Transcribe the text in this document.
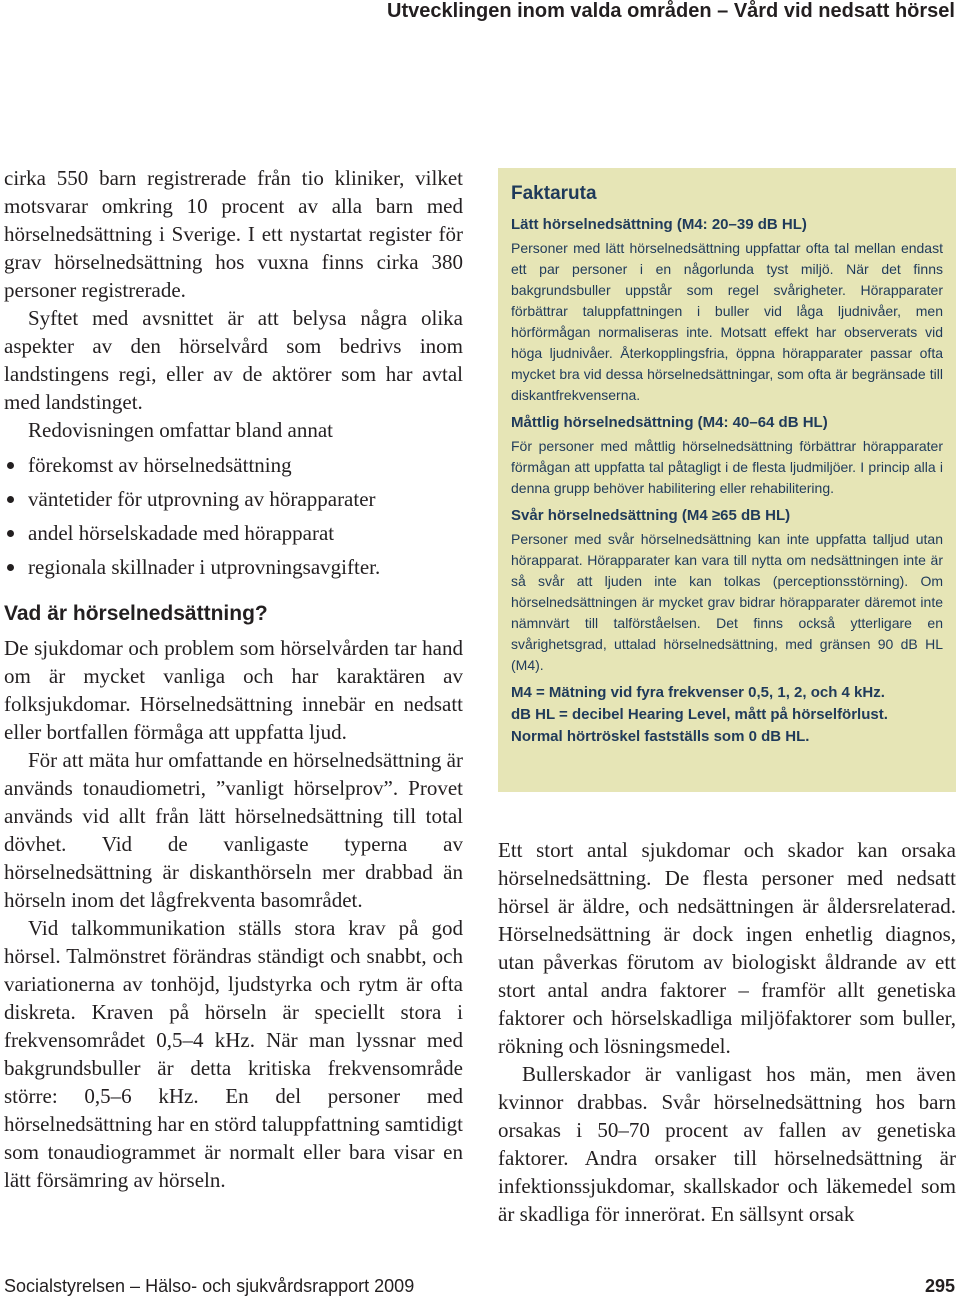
Utvecklingen inom valda områden – Vård vid nedsatt hörsel

cirka 550 barn registrerade från tio kliniker, vilket motsvarar omkring 10 procent av alla barn med hörselnedsättning i Sverige. I ett nystartat register för grav hörselnedsättning hos vuxna finns cirka 380 personer registrerade.

Syftet med avsnittet är att belysa några olika aspekter av den hörselvård som bedrivs inom landstingens regi, eller av de aktörer som har avtal med landstinget.

Redovisningen omfattar bland annat

förekomst av hörselnedsättning
väntetider för utprovning av hörapparater
andel hörselskadade med hörapparat
regionala skillnader i utprovningsavgifter.
Vad är hörselnedsättning?

De sjukdomar och problem som hörselvården tar hand om är mycket vanliga och har karaktären av folksjukdomar. Hörselnedsättning innebär en nedsatt eller bortfallen förmåga att uppfatta ljud.

För att mäta hur omfattande en hörselnedsättning är används tonaudiometri, ”vanligt hörselprov”. Provet används vid allt från lätt hörselnedsättning till total dövhet. Vid de vanligaste typerna av hörselnedsättning är diskanthörseln mer drabbad än hörseln inom det lågfrekventa basområdet.

Vid talkommunikation ställs stora krav på god hörsel. Talmönstret förändras ständigt och snabbt, och variationerna av tonhöjd, ljudstyrka och rytm är ofta diskreta. Kraven på hörseln är speciellt stora i frekvensområdet 0,5–4 kHz. När man lyssnar med bakgrundsbuller är detta kritiska frekvensområde större: 0,5–6 kHz. En del personer med hörselnedsättning har en störd taluppfattning samtidigt som tonaudiogrammet är normalt eller bara visar en lätt försämring av hörseln.

Faktaruta
Lätt hörselnedsättning (M4: 20–39 dB HL)
Personer med lätt hörselnedsättning uppfattar ofta tal mellan endast ett par personer i en någorlunda tyst miljö. När det finns bakgrundsbuller uppstår som regel svårigheter. Hörapparater förbättrar taluppfattningen i buller vid låga ljudnivåer, men hörförmågan normaliseras inte. Motsatt effekt har observerats vid höga ljudnivåer. Återkopplingsfria, öppna hörapparater passar ofta mycket bra vid dessa hörselnedsättningar, som ofta är begränsade till diskantfrekvenserna.
Måttlig hörselnedsättning (M4: 40–64 dB HL)
För personer med måttlig hörselnedsättning förbättrar hörapparater förmågan att uppfatta tal påtagligt i de flesta ljudmiljöer. I princip alla i denna grupp behöver habilitering eller rehabilitering.
Svår hörselnedsättning (M4 ≥65 dB HL)
Personer med svår hörselnedsättning kan inte uppfatta talljud utan hörapparat. Hörapparater kan vara till nytta om nedsättningen inte är så svår att ljuden inte kan tolkas (perceptionsstörning). Om hörselnedsättningen är mycket grav bidrar hörapparater däremot inte nämnvärt till talförståelsen. Det finns också ytterligare en svårighetsgrad, uttalad hörselnedsättning, med gränsen 90 dB HL (M4).
M4 = Mätning vid fyra frekvenser 0,5, 1, 2, och 4 kHz.
dB HL = decibel Hearing Level, mått på hörselförlust.
Normal hörtröskel fastställs som 0 dB HL.

Ett stort antal sjukdomar och skador kan orsaka hörselnedsättning. De flesta personer med nedsatt hörsel är äldre, och nedsättningen är åldersrelaterad. Hörselnedsättning är dock ingen enhetlig diagnos, utan påverkas förutom av biologiskt åldrande av ett stort antal andra faktorer – framför allt genetiska faktorer och hörselskadliga miljöfaktorer som buller, rökning och lösningsmedel.

Bullerskador är vanligast hos män, men även kvinnor drabbas. Svår hörselnedsättning hos barn orsakas i 50–70 procent av fallen av genetiska faktorer. Andra orsaker till hörselnedsättning är infektionssjukdomar, skallskador och läkemedel som är skadliga för innerörat. En sällsynt orsak

Socialstyrelsen – Hälso- och sjukvårdsrapport 2009	295
